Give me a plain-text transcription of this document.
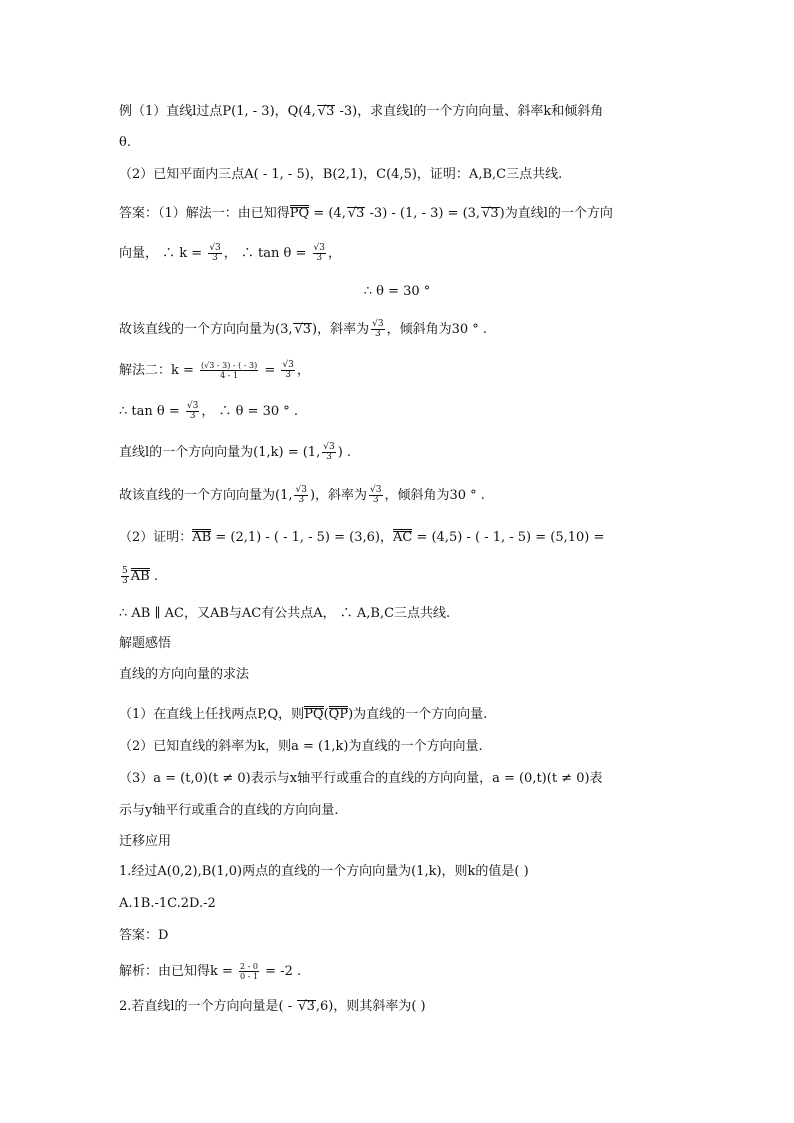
例（1）直线l过点P(1, - 3)，Q(4, √3 -3)，求直线l的一个方向向量、斜率k和倾斜角
θ.
（2）已知平面内三点A( - 1, - 5)，B(2,1)，C(4,5)，证明：A,B,C三点共线.
答案：（1）解法一：由已知得PQ = (4, √3 -3) - (1, - 3) = (3, √3)为直线l的一个方向
向量， ∴ $k = \frac{√3}{3}$ ， ∴ $\tan \theta = \frac{√3}{3}$ ，
∴ θ = 30 °
故该直线的一个方向向量为(3, √3)，斜率为 $\frac{√3}{3}$ ，倾斜角为30 ° .
解法二：$k = \frac{(√3 - 3) - ( - 3)}{4 - 1} = \frac{√3}{3}$ ，
∴ $\tan \theta = \frac{√3}{3}$ ， ∴ θ = 30 ° .
直线l的一个方向向量为(1,k) = (1, $\frac{√3}{3}$ ) .
故该直线的一个方向向量为(1, $\frac{√3}{3}$ )，斜率为 $\frac{√3}{3}$ ，倾斜角为30 ° .
（2）证明：AB = (2,1) - ( - 1, - 5) = (3,6)，AC = (4,5) - ( - 1, - 5) = (5,10) =
$\frac{5}{3}$ AB .
∴ AB ∥ AC，又AB与AC有公共点A， ∴ A,B,C三点共线.
解题感悟
直线的方向向量的求法
（1）在直线上任找两点P,Q，则PQ(QP)为直线的一个方向向量.
（2）已知直线的斜率为k，则a = (1,k)为直线的一个方向向量.
（3）a = (t,0)(t ≠ 0)表示与x轴平行或重合的直线的方向向量，a = (0,t)(t ≠ 0)表
示与y轴平行或重合的直线的方向向量.
迁移应用
1.经过A(0,2),B(1,0)两点的直线的一个方向向量为(1,k)，则k的值是( )
A.1B.-1C.2D.-2
答案：D
解析：由已知得$k = \frac{2 - 0}{0 - 1} = -2$ .
2.若直线l的一个方向向量是( - √3,6)，则其斜率为( )
